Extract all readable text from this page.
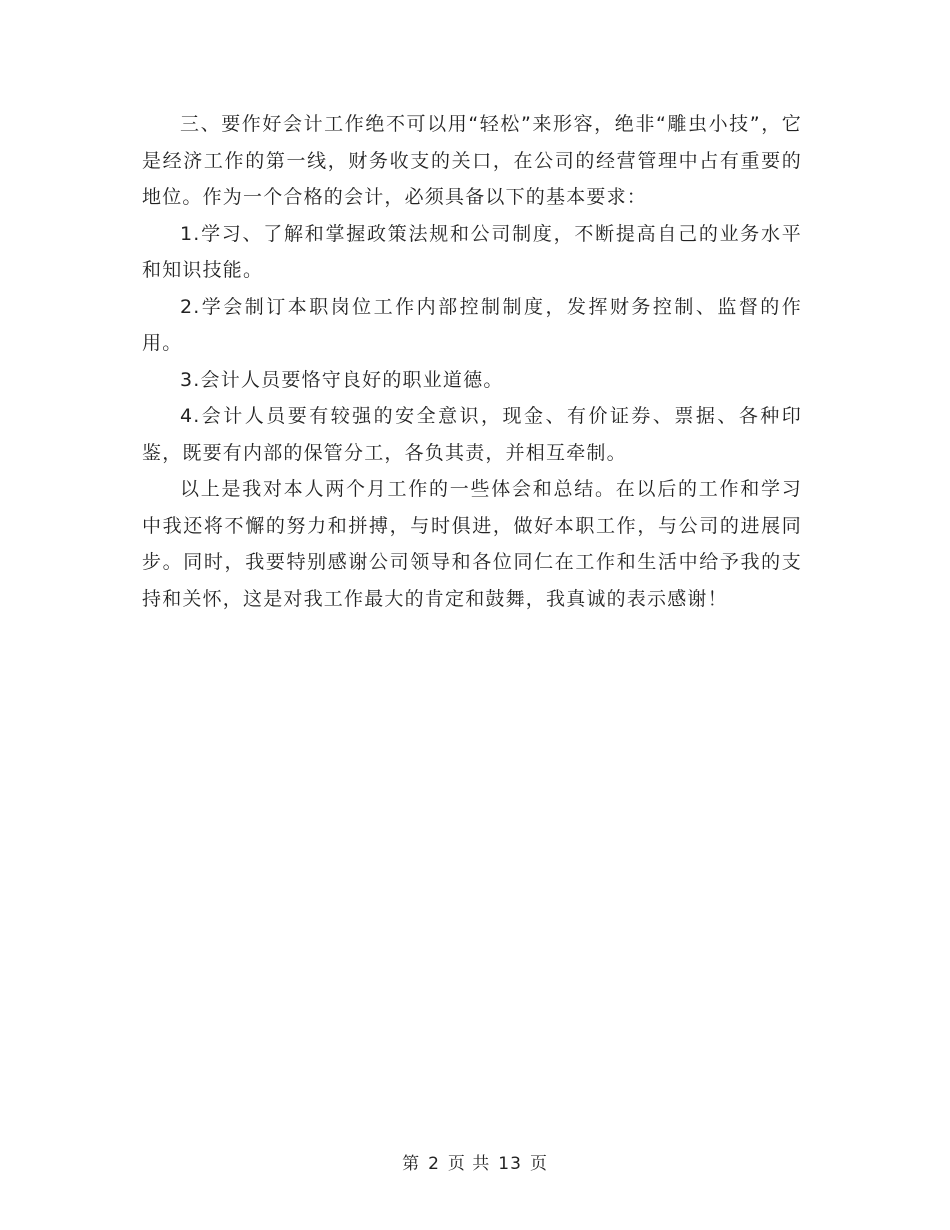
三、要作好会计工作绝不可以用“轻松”来形容，绝非“雕虫小技”，它是经济工作的第一线，财务收支的关口，在公司的经营管理中占有重要的地位。作为一个合格的会计，必须具备以下的基本要求：

1.学习、了解和掌握政策法规和公司制度，不断提高自己的业务水平和知识技能。

2.学会制订本职岗位工作内部控制制度，发挥财务控制、监督的作用。

3.会计人员要恪守良好的职业道德。

4.会计人员要有较强的安全意识，现金、有价证券、票据、各种印鉴，既要有内部的保管分工，各负其责，并相互牵制。

以上是我对本人两个月工作的一些体会和总结。在以后的工作和学习中我还将不懈的努力和拼搏，与时俱进，做好本职工作，与公司的进展同步。同时，我要特别感谢公司领导和各位同仁在工作和生活中给予我的支持和关怀，这是对我工作最大的肯定和鼓舞，我真诚的表示感谢！

第 2 页 共 13 页
